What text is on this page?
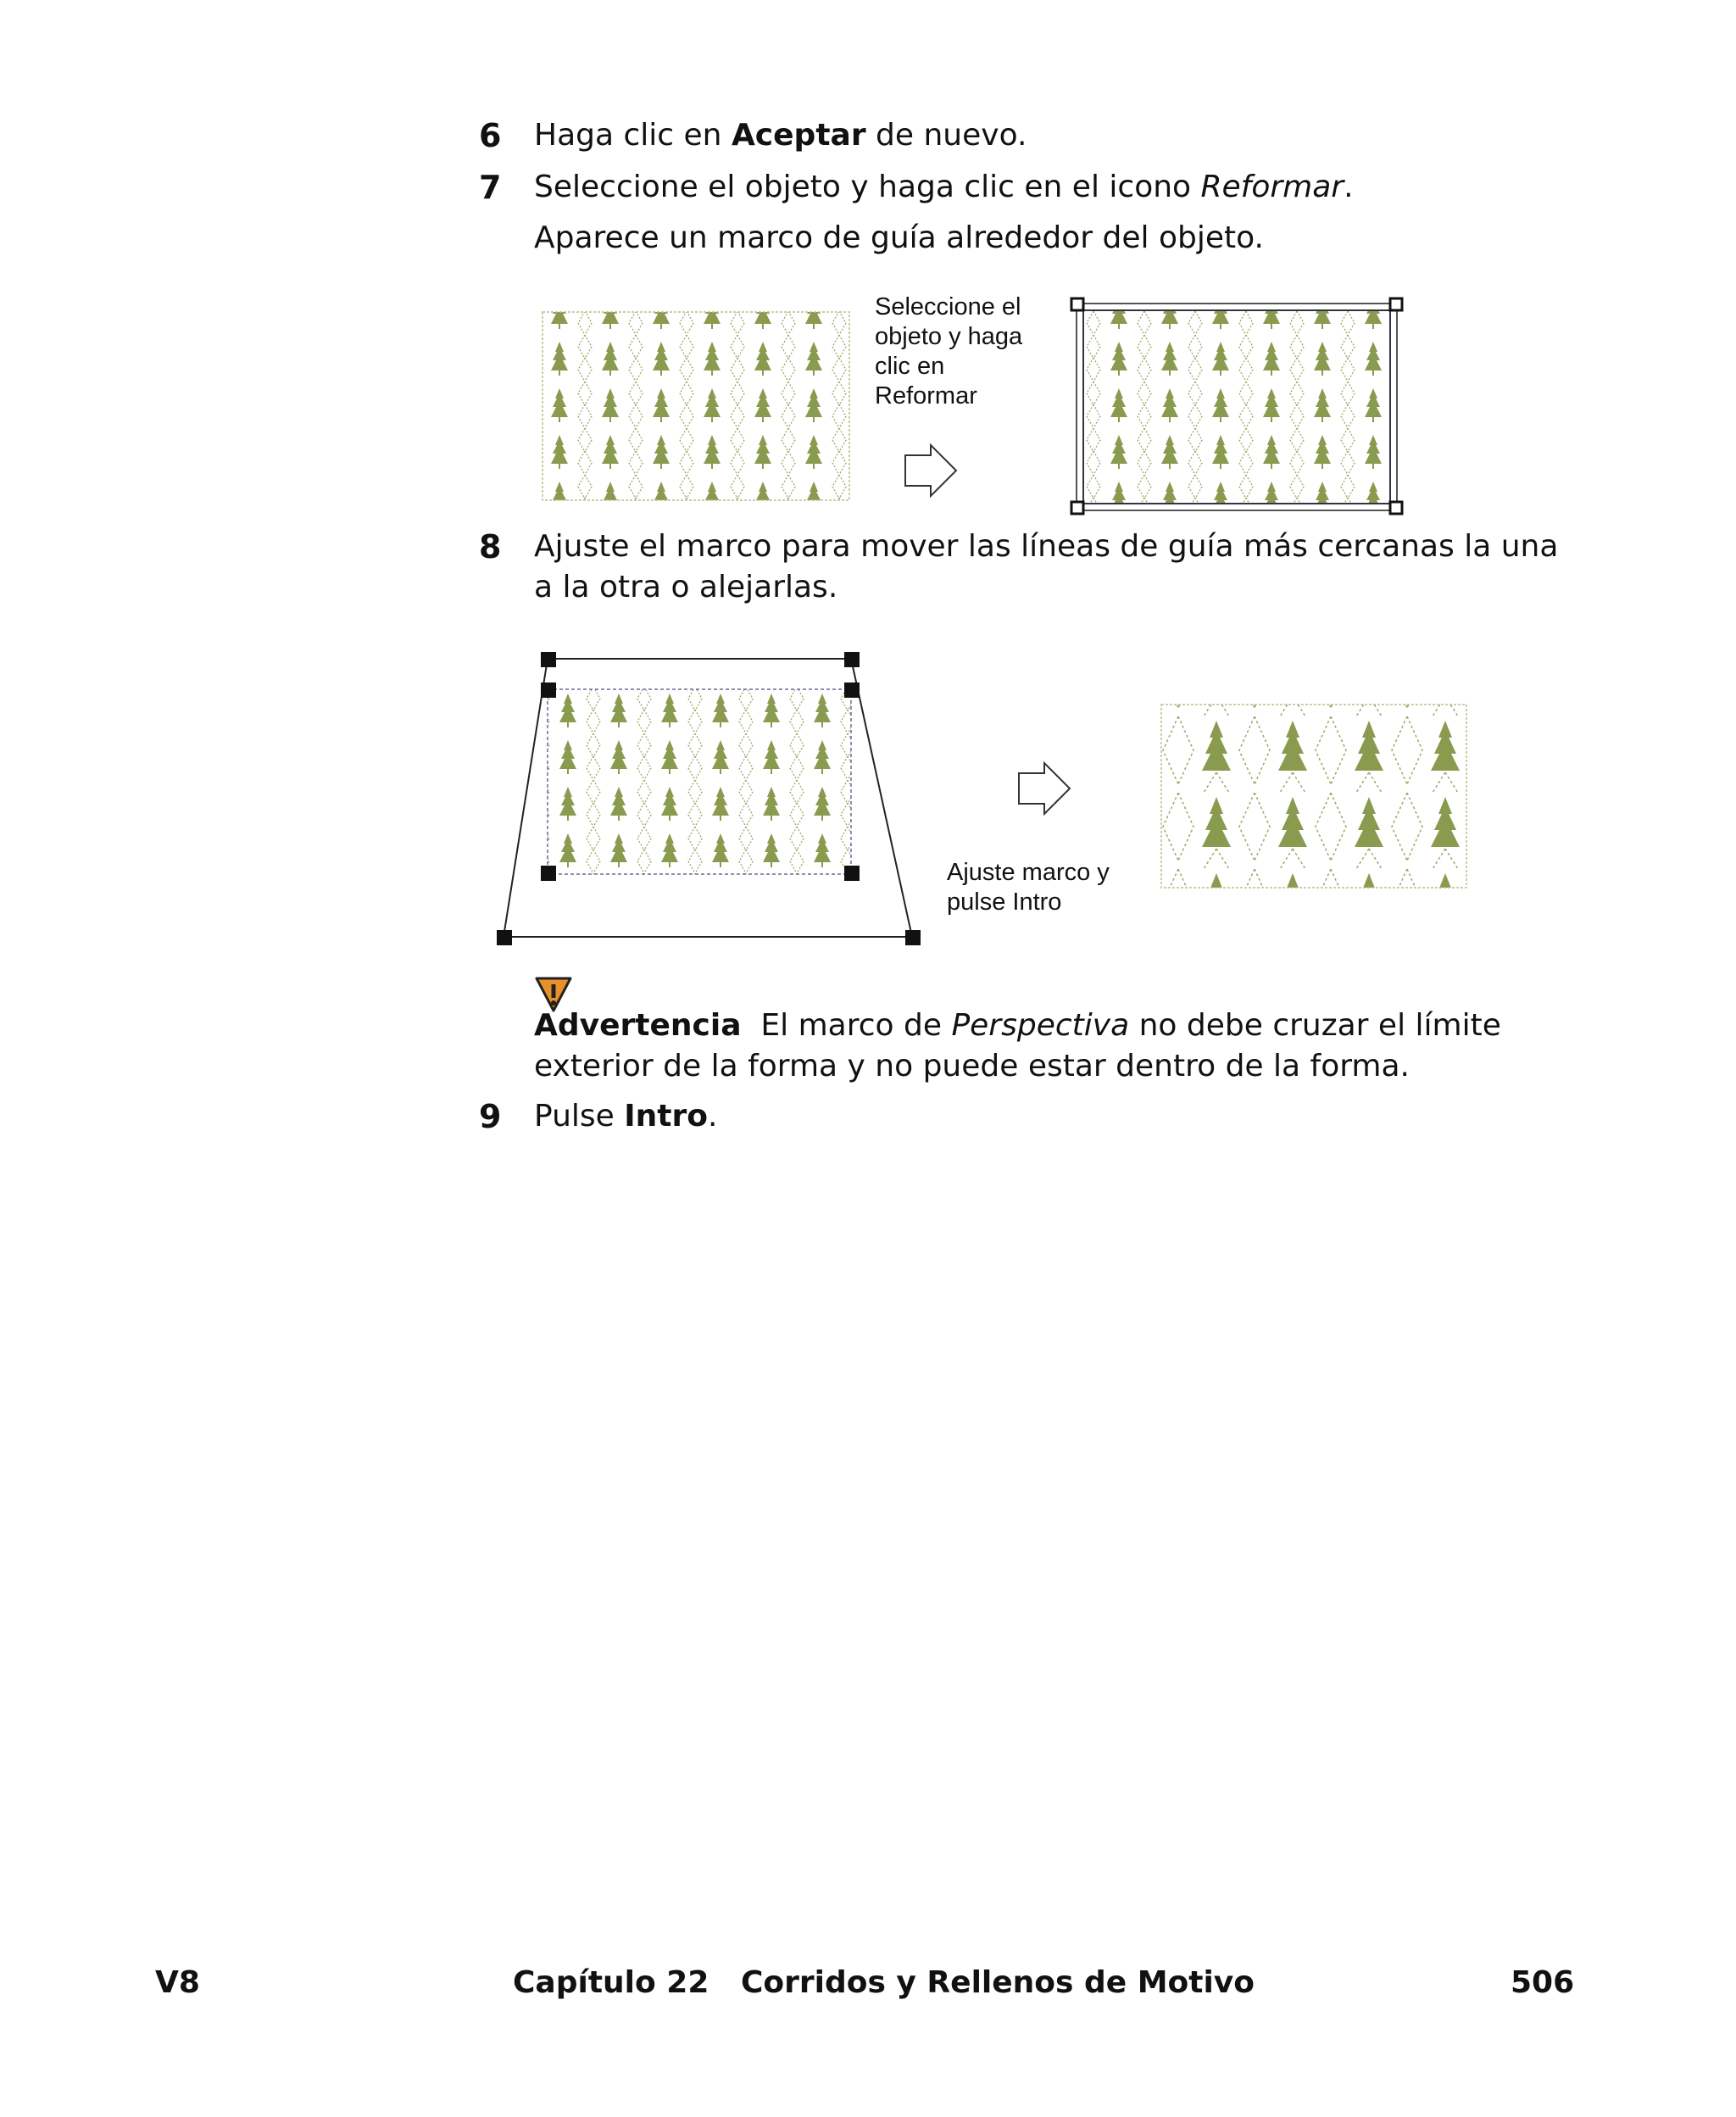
6 Haga clic en Aceptar de nuevo.
7 Seleccione el objeto y haga clic en el icono Reformar.
Aparece un marco de guía alrededor del objeto.
Seleccione el
objeto y haga
clic en
Reformar
8 Ajuste el marco para mover las líneas de guía más cercanas la una a la otra o alejarlas.
Ajuste marco y
pulse Intro
Advertencia El marco de Perspectiva no debe cruzar el límite exterior de la forma y no puede estar dentro de la forma.
9 Pulse Intro.
V8	Capítulo 22   Corridos y Rellenos de Motivo	506
